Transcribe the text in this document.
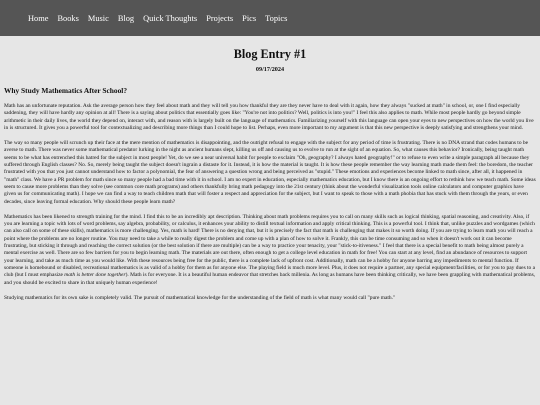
Home Books Music Blog Quick Thoughts Projects Pics Topics
Blog Entry #1
09/17/2024
Why Study Mathematics After School?

Math has an unfortunate reputation. Ask the average person how they feel about math and they will tell you how thankful they are they never have to deal with it again, how they always "sucked at math" in school, or, one I find especially saddening, they will have hardly any opinion at all! There is a saying about politics that essentially goes like: "You're not into politics? Well, politics is into you!" I feel this also applies to math. While most people hardly go beyond simple arithmetic in their daily lives, the world they depend on, interact with, and reason with is largely built on the language of mathematics. Familiarizing yourself with this language can open your eyes to new perspectives on how the world you live in is structured. It gives you a powerful tool for contextualizing and describing more things than I could hope to list. Perhaps, even more important to my argument is that this new perspective is deeply satisfying and strengthens your mind.

The way so many people will scrunch up their face at the mere mention of mathematics is disappointing, and the outright refusal to engage with the subject for any period of time is frustrating. There is no DNA strand that codes humans to be averse to math. There was never some mathematical predator lurking in the night as ancient humans slept, killing us off and causing us to evolve to run at the sight of an equation. So, what causes this behavior? Ironically, being taught math seems to be what has entrenched this hatred for the subject in most people! Yet, do we see a near universal habit for people to exclaim "Oh, geography? I always hated geography!" or to refuse to even write a simple paragraph all because they suffered through English classes? No. So, merely being taught the subject doesn't ingrain a distaste for it. Instead, it is how the material is taught. It is how these people remember the way learning math made them feel: the boredom, the teacher frustrated with you that you just cannot understand how to factor a polynomial, the fear of answering a question wrong and being perceived as "stupid." These emotions and experiences become linked to math since, after all, it happened in "math" class. We have a PR problem for math since so many people had a bad time with it in school. I am no expert in education, especially mathematics education, but I know there is an ongoing effort to rethink how we teach math. Some ideas seem to cause more problems than they solve (see common core math programs) and others thankfully bring math pedagogy into the 21st century (think about the wonderful visualization tools online calculators and computer graphics have given us for communicating math). I hope we can find a way to teach children math that will foster a respect and appreciation for the subject, but I want to speak to those with a math phobia that has stuck with them through the years, or even decades, since leaving formal education. Why should these people learn math?

Mathematics has been likened to strength training for the mind. I find this to be an incredibly apt description. Thinking about math problems requires you to call on many skills such as logical thinking, spatial reasoning, and creativity. Also, if you are learning a topic with lots of word problems, say algebra, probability, or calculus, it enhances your ability to distill textual information and apply critical thinking. This is a powerful tool. I think that, unlike puzzles and wordgames (which can also call on some of these skills), mathematics is more challenging. Yes, math is hard! There is no denying that, but it is precisely the fact that math is challenging that makes it so worth doing. If you are trying to learn math you will reach a point where the problems are no longer routine. You may need to take a while to really digest the problem and come up with a plan of how to solve it. Frankly, this can be time consuming and so when it doesn't work out it can become frustrating, but sticking it through and reaching the correct solution (or the best solution if there are multiple) can be a way to practice your tenacity, your "stick-to-itiveness." I feel that there is a special benefit to math being almost purely a mental exercise as well. There are so few barriers for you to begin learning math. The materials are out there, often enough to get a college level education in math for free! You can start at any level, find an abundance of resources to support your learning, and take as much time as you would like. With these resources being free for the public, there is a complete lack of upfront cost. Additionally, math can be a hobby for anyone barring any impediments to mental function. If someone is homebound or disabled, recreational mathematics is as valid of a hobby for them as for anyone else. The playing field is much more level. Plus, it does not require a partner, any special equipment/facilities, or for you to pay dues to a club (but I must emphasize math is better done together). Math is for everyone. It is a beautiful human endeavor that stretches back millenia. As long as humans have been thinking critically, we have been grappling with mathematical problems, and you should be excited to share in that uniquely human experience!

Studying mathematics for its own sake is completely valid. The pursuit of mathematical knowledge for the understanding of the field of math is what many would call "pure math."
